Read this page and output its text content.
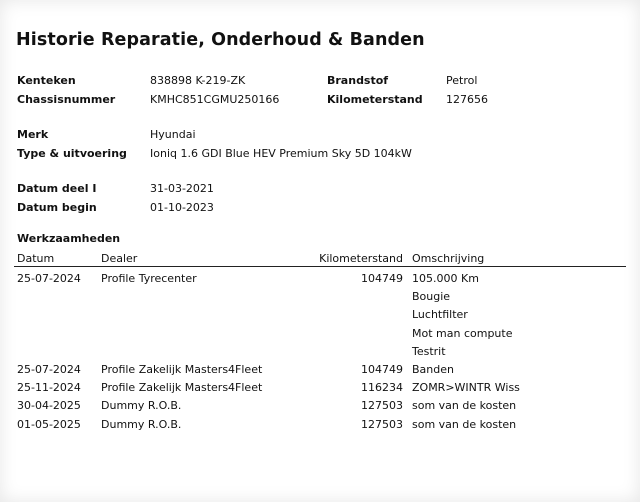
Historie Reparatie, Onderhoud & Banden
Kenteken	838898 K-219-ZK	Brandstof	Petrol
Chassisnummer	KMHC851CGMU250166	Kilometerstand 127656
Merk	Hyundai
Type & uitvoering Ioniq 1.6 GDI Blue HEV Premium Sky 5D 104kW
Datum deel I	31-03-2021
Datum begin	01-10-2023
Werkzaamheden
Datum	Dealer	Kilometerstand Omschrijving
25-07-2024 Profile Tyrecenter	104749 105.000 Km
Bougie
Luchtfilter
Mot man compute
Testrit
25-07-2024 Profile Zakelijk Masters4Fleet	104749 Banden
25-11-2024 Profile Zakelijk Masters4Fleet	116234 ZOMR>WINTR Wiss
30-04-2025 Dummy R.O.B.	127503 som van de kosten
01-05-2025 Dummy R.O.B.	127503 som van de kosten
